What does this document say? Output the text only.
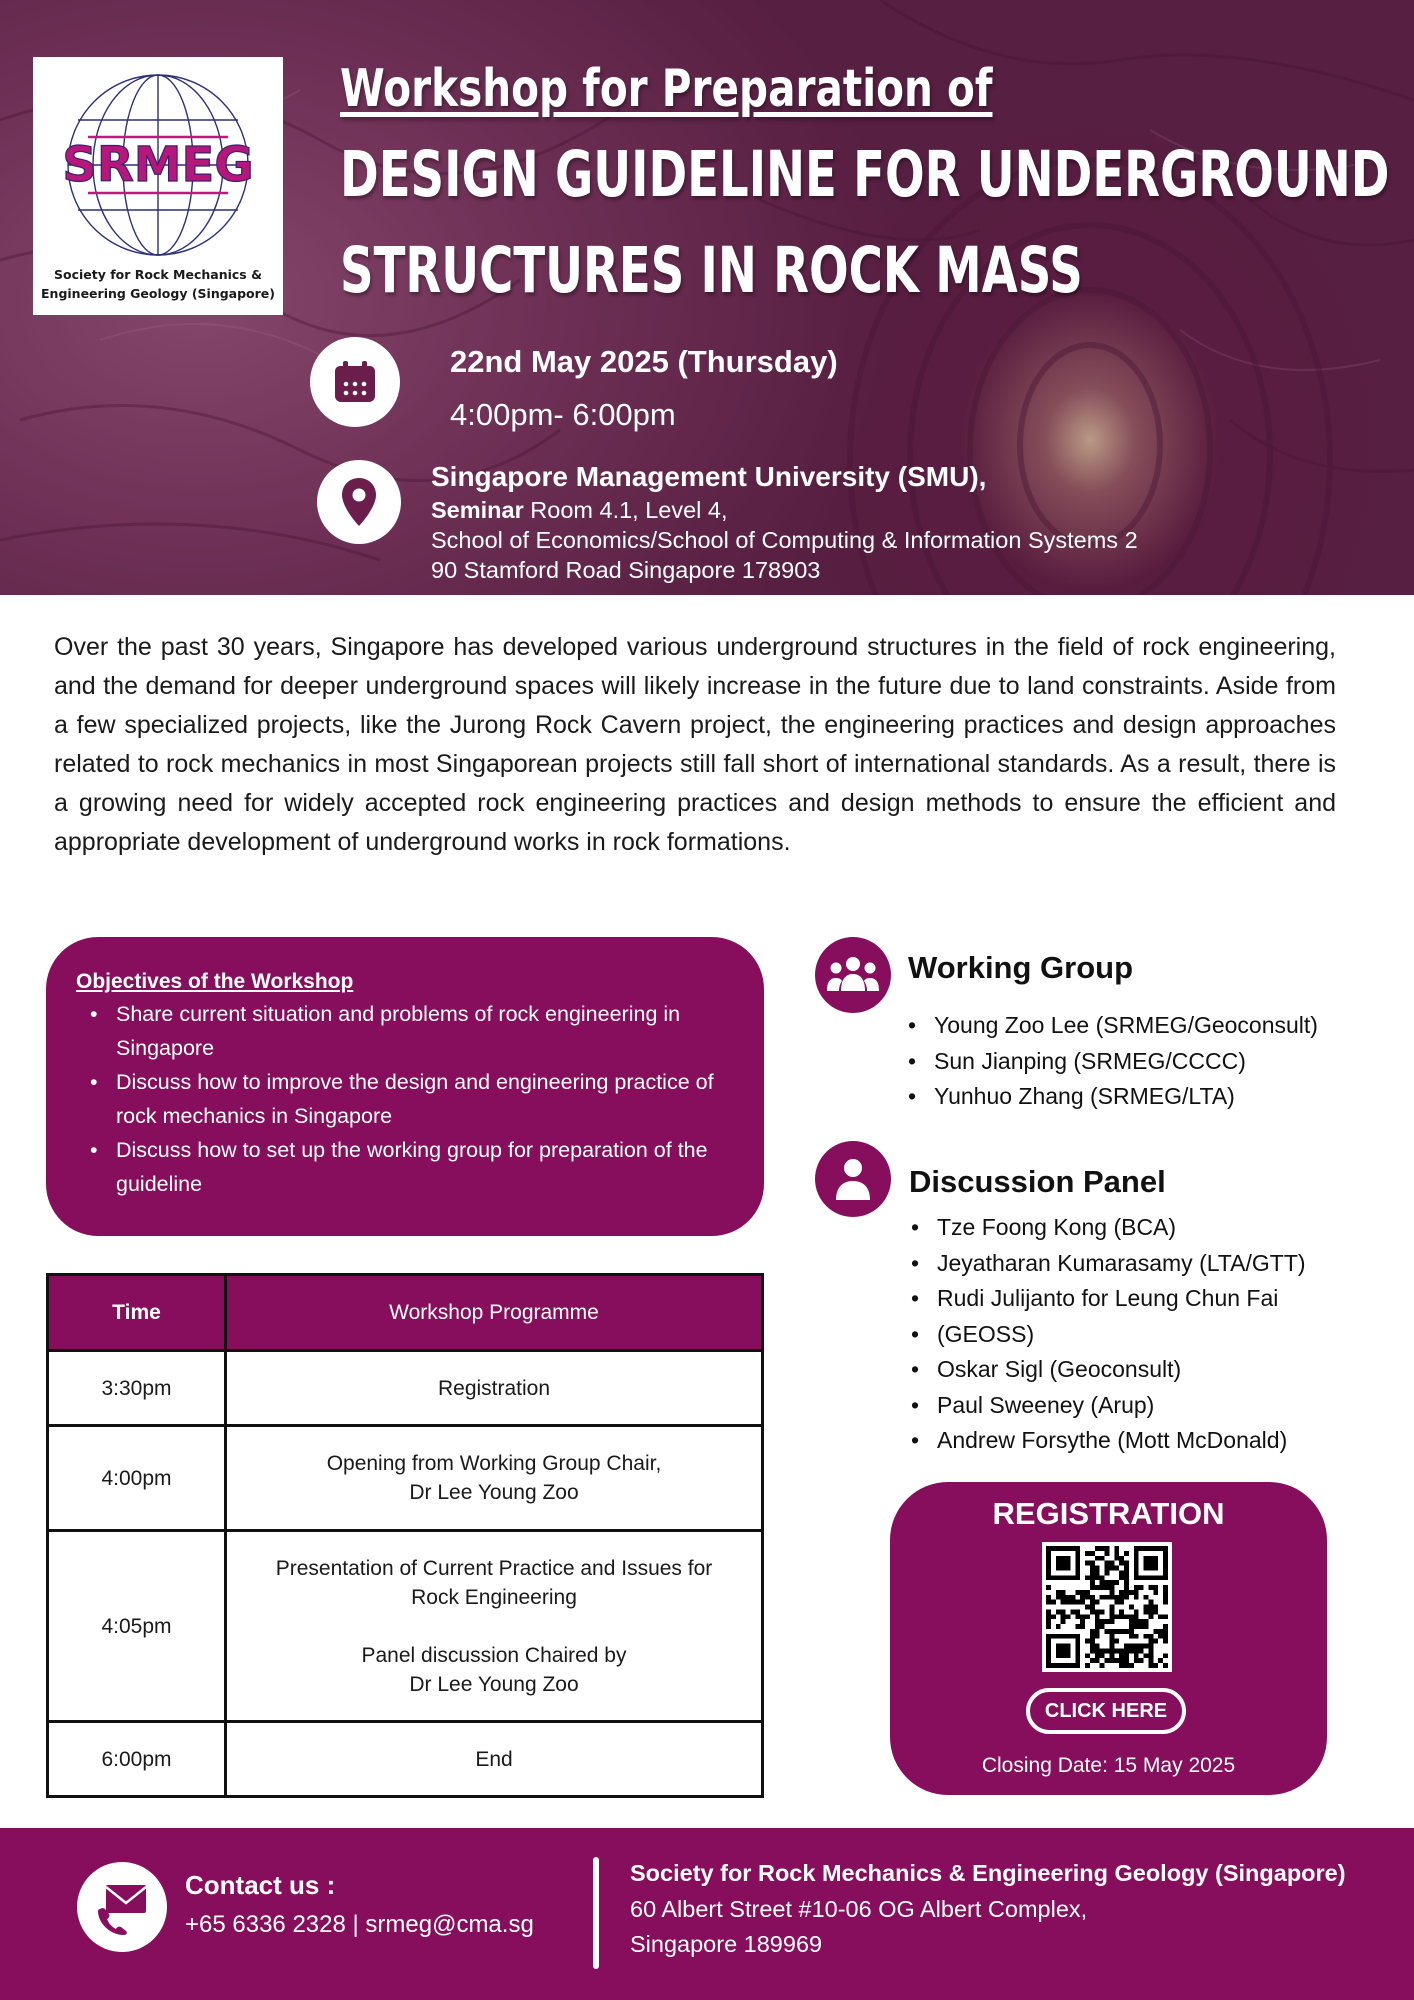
SRMEG
Society for Rock Mechanics &
Engineering Geology (Singapore)
Workshop for Preparation of
DESIGN GUIDELINE FOR UNDERGROUND
STRUCTURES IN ROCK MASS
22nd May 2025 (Thursday)
4:00pm- 6:00pm
Singapore Management University (SMU),
Seminar Room 4.1, Level 4,
School of Economics/School of Computing & Information Systems 2
90 Stamford Road Singapore 178903

Over the past 30 years, Singapore has developed various underground structures in the field of rock engineering, and the demand for deeper underground spaces will likely increase in the future due to land constraints. Aside from a few specialized projects, like the Jurong Rock Cavern project, the engineering practices and design approaches related to rock mechanics in most Singaporean projects still fall short of international standards. As a result, there is a growing need for widely accepted rock engineering practices and design methods to ensure the efficient and appropriate development of underground works in rock formations.

Objectives of the Workshop
• Share current situation and problems of rock engineering in Singapore
• Discuss how to improve the design and engineering practice of rock mechanics in Singapore
• Discuss how to set up the working group for preparation of the guideline
Time	Workshop Programme
3:30pm	Registration

4:00pm	Opening from Working Group Chair,
Dr Lee Young Zoo

4:05pm	Presentation of Current Practice and Issues for
Rock Engineering
Panel discussion Chaired by
Dr Lee Young Zoo

6:00pm	End
Working Group
• Young Zoo Lee (SRMEG/Geoconsult)
• Sun Jianping (SRMEG/CCCC)
• Yunhuo Zhang (SRMEG/LTA)
Discussion Panel
• Tze Foong Kong (BCA)
• Jeyatharan Kumarasamy (LTA/GTT)
• Rudi Julijanto for Leung Chun Fai
• (GEOSS)
• Oskar Sigl (Geoconsult)
• Paul Sweeney (Arup)
• Andrew Forsythe (Mott McDonald)
REGISTRATION
CLICK HERE
Closing Date: 15 May 2025
Contact us :
+65 6336 2328 | srmeg@cma.sg
Society for Rock Mechanics & Engineering Geology (Singapore)
60 Albert Street #10-06 OG Albert Complex,
Singapore 189969
